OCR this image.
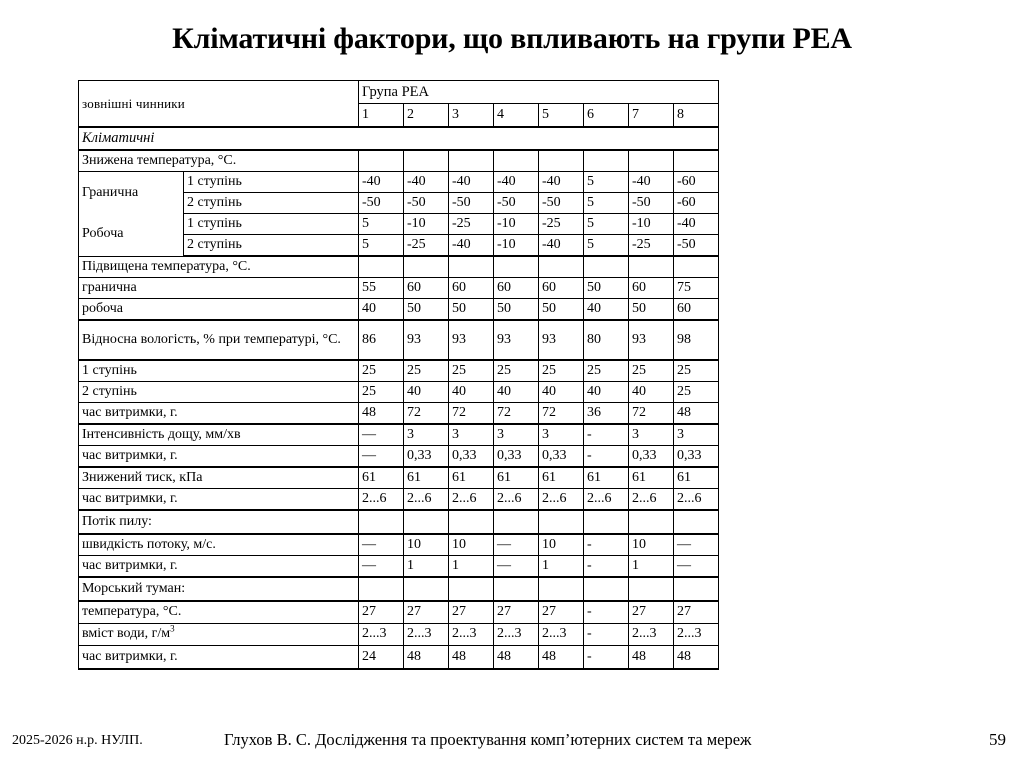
Кліматичні фактори, що впливають на групи РЕА
зовнішні чинники		Група РЕА							
		1	2	3	4	5	6	7	8
Кліматичні									
Знижена температура, °С.									
Гранична	1 ступінь	-40	-40	-40	-40	-40	5	-40	-60
	2 ступінь	-50	-50	-50	-50	-50	5	-50	-60
Робоча	1 ступінь	5	-10	-25	-10	-25	5	-10	-40
	2 ступінь	5	-25	-40	-10	-40	5	-25	-50
Підвищена температура, °С.									
гранична		55	60	60	60	60	50	60	75
робоча		40	50	50	50	50	40	50	60
Відносна вологість, % при температурі, °С.		86	93	93	93	93	80	93	98
1 ступінь		25	25	25	25	25	25	25	25
2 ступінь		25	40	40	40	40	40	40	25
час витримки, г.		48	72	72	72	72	36	72	48
Інтенсивність дощу, мм/хв		—	3	3	3	3	-	3	3
час витримки, г.		—	0,33	0,33	0,33	0,33	-	0,33	0,33
Знижений тиск, кПа		61	61	61	61	61	61	61	61
час витримки, г.		2...6	2...6	2...6	2...6	2...6	2...6	2...6	2...6
Потік пилу:									
швидкість потоку, м/с.		—	10	10	—	10	-	10	—
час витримки, г.		—	1	1	—	1	-	1	—
Морський туман:									
температура, °С.		27	27	27	27	27	-	27	27
вміст води, $г/м^3$		2...3	2...3	2...3	2...3	2...3	-	2...3	2...3
час витримки, г.		24	48	48	48	48	-	48	48
2025-2026 н.р. НУЛП.	Глухов В. С. Дослідження та проектування комп’ютерних систем та мереж	59
